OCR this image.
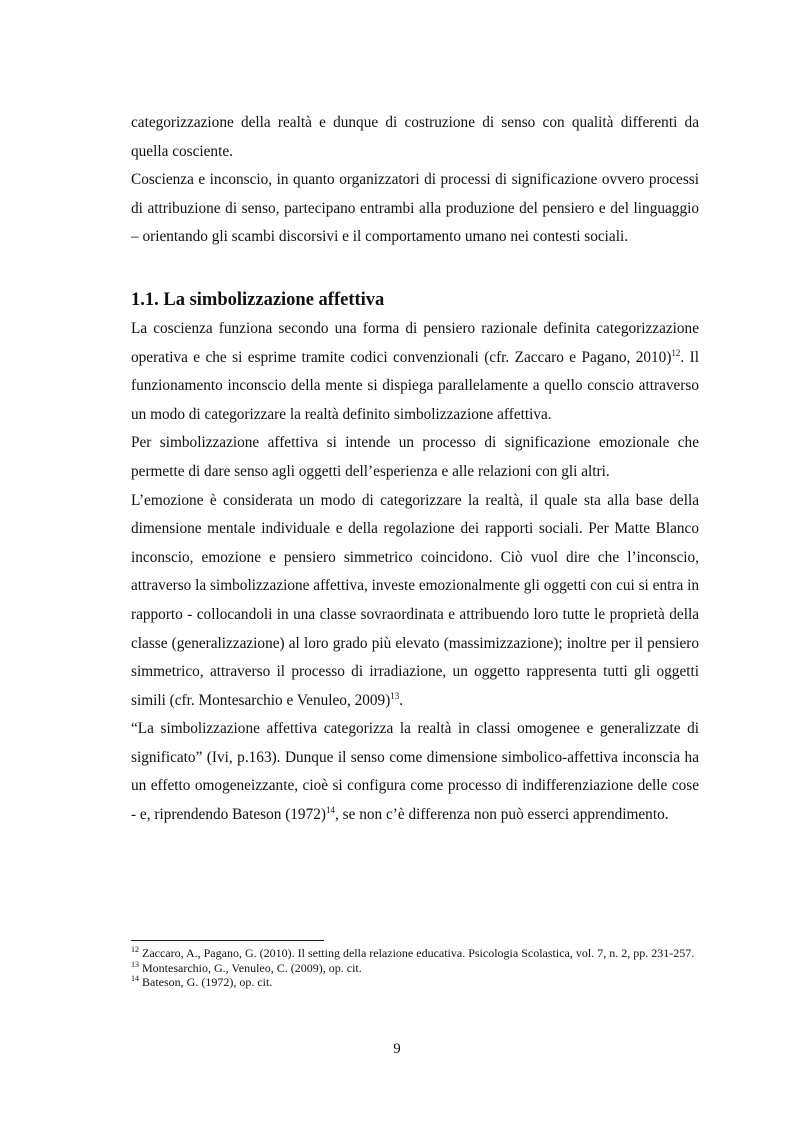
categorizzazione della realtà e dunque di costruzione di senso con qualità differenti da quella cosciente.

Coscienza e inconscio, in quanto organizzatori di processi di significazione ovvero processi di attribuzione di senso, partecipano entrambi alla produzione del pensiero e del linguaggio – orientando gli scambi discorsivi e il comportamento umano nei contesti sociali.

1.1. La simbolizzazione affettiva

La coscienza funziona secondo una forma di pensiero razionale definita categorizzazione operativa e che si esprime tramite codici convenzionali (cfr. Zaccaro e Pagano, 2010)$^{12}$. Il funzionamento inconscio della mente si dispiega parallelamente a quello conscio attraverso un modo di categorizzare la realtà definito simbolizzazione affettiva.

Per simbolizzazione affettiva si intende un processo di significazione emozionale che permette di dare senso agli oggetti dell’esperienza e alle relazioni con gli altri.

L’emozione è considerata un modo di categorizzare la realtà, il quale sta alla base della dimensione mentale individuale e della regolazione dei rapporti sociali. Per Matte Blanco inconscio, emozione e pensiero simmetrico coincidono. Ciò vuol dire che l’inconscio, attraverso la simbolizzazione affettiva, investe emozionalmente gli oggetti con cui si entra in rapporto - collocandoli in una classe sovraordinata e attribuendo loro tutte le proprietà della classe (generalizzazione) al loro grado più elevato (massimizzazione); inoltre per il pensiero simmetrico, attraverso il processo di irradiazione, un oggetto rappresenta tutti gli oggetti simili (cfr. Montesarchio e Venuleo, 2009)$^{13}$.

“La simbolizzazione affettiva categorizza la realtà in classi omogenee e generalizzate di significato” (Ivi, p.163). Dunque il senso come dimensione simbolico-affettiva inconscia ha un effetto omogeneizzante, cioè si configura come processo di indifferenziazione delle cose - e, riprendendo Bateson $(1972)^{14}$, se non c’è differenza non può esserci apprendimento.

$^{12}$ Zaccaro, A., Pagano, G. (2010). Il setting della relazione educativa. Psicologia Scolastica, vol. 7, n. 2, pp. 231-257.
$^{13}$ Montesarchio, G., Venuleo, C. (2009), op. cit.
$^{14}$ Bateson, G. (1972), op. cit.
9
